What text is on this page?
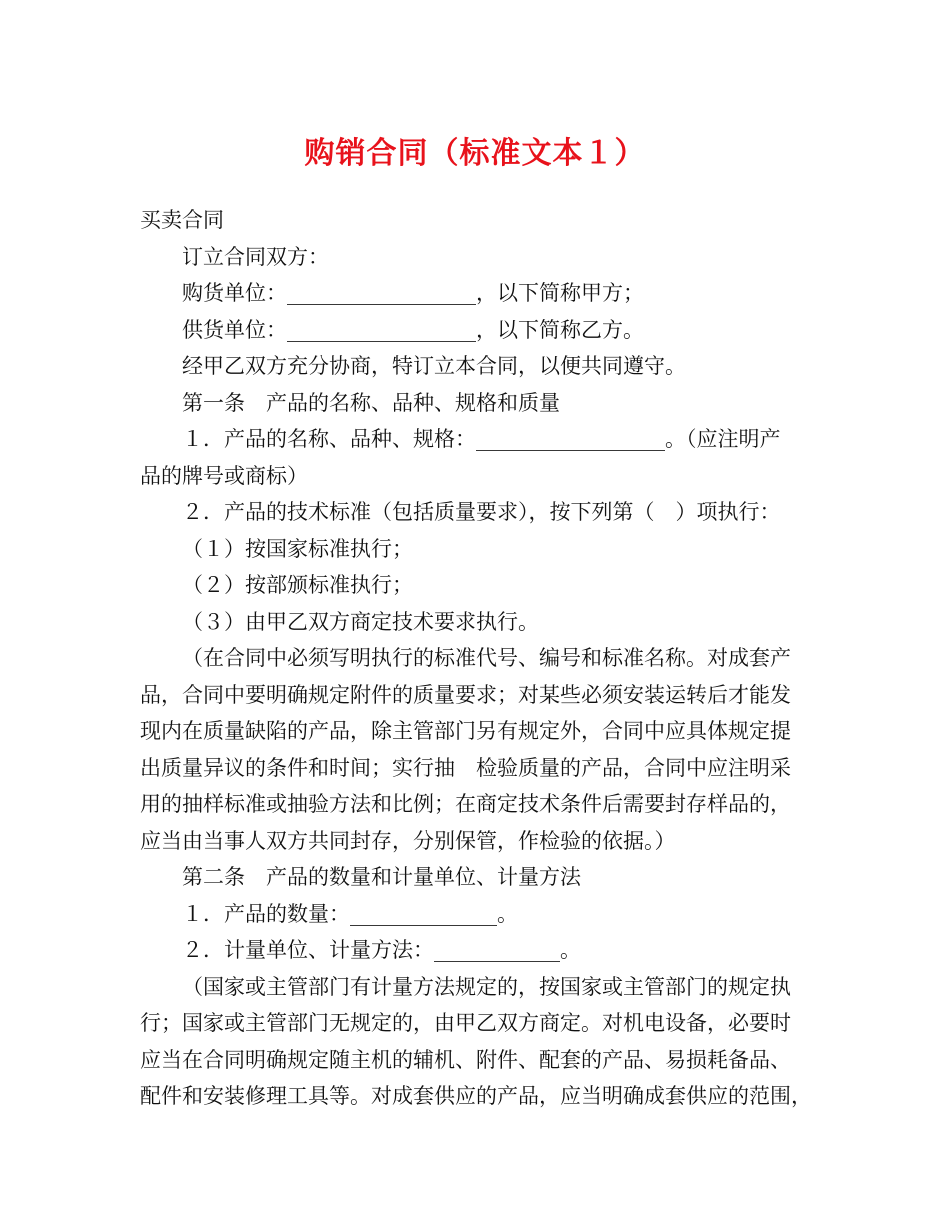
购销合同（标准文本１）
买卖合同
订立合同双方：
购货单位：__________________，以下简称甲方；
供货单位：__________________，以下简称乙方。
经甲乙双方充分协商，特订立本合同，以便共同遵守。
第一条　产品的名称、品种、规格和质量
１．产品的名称、品种、规格：__________________。（应注明产
品的牌号或商标）
２．产品的技术标准（包括质量要求），按下列第（　）项执行：
（１）按国家标准执行；
（２）按部颁标准执行；
（３）由甲乙双方商定技术要求执行。
（在合同中必须写明执行的标准代号、编号和标准名称。对成套产
品，合同中要明确规定附件的质量要求；对某些必须安装运转后才能发
现内在质量缺陷的产品，除主管部门另有规定外，合同中应具体规定提
出质量异议的条件和时间；实行抽　检验质量的产品，合同中应注明采
用的抽样标准或抽验方法和比例；在商定技术条件后需要封存样品的，
应当由当事人双方共同封存，分别保管，作检验的依据。）
第二条　产品的数量和计量单位、计量方法
１．产品的数量：______________。
２．计量单位、计量方法：____________。
（国家或主管部门有计量方法规定的，按国家或主管部门的规定执
行；国家或主管部门无规定的，由甲乙双方商定。对机电设备，必要时
应当在合同明确规定随主机的辅机、附件、配套的产品、易损耗备品、
配件和安装修理工具等。对成套供应的产品，应当明确成套供应的范围，
